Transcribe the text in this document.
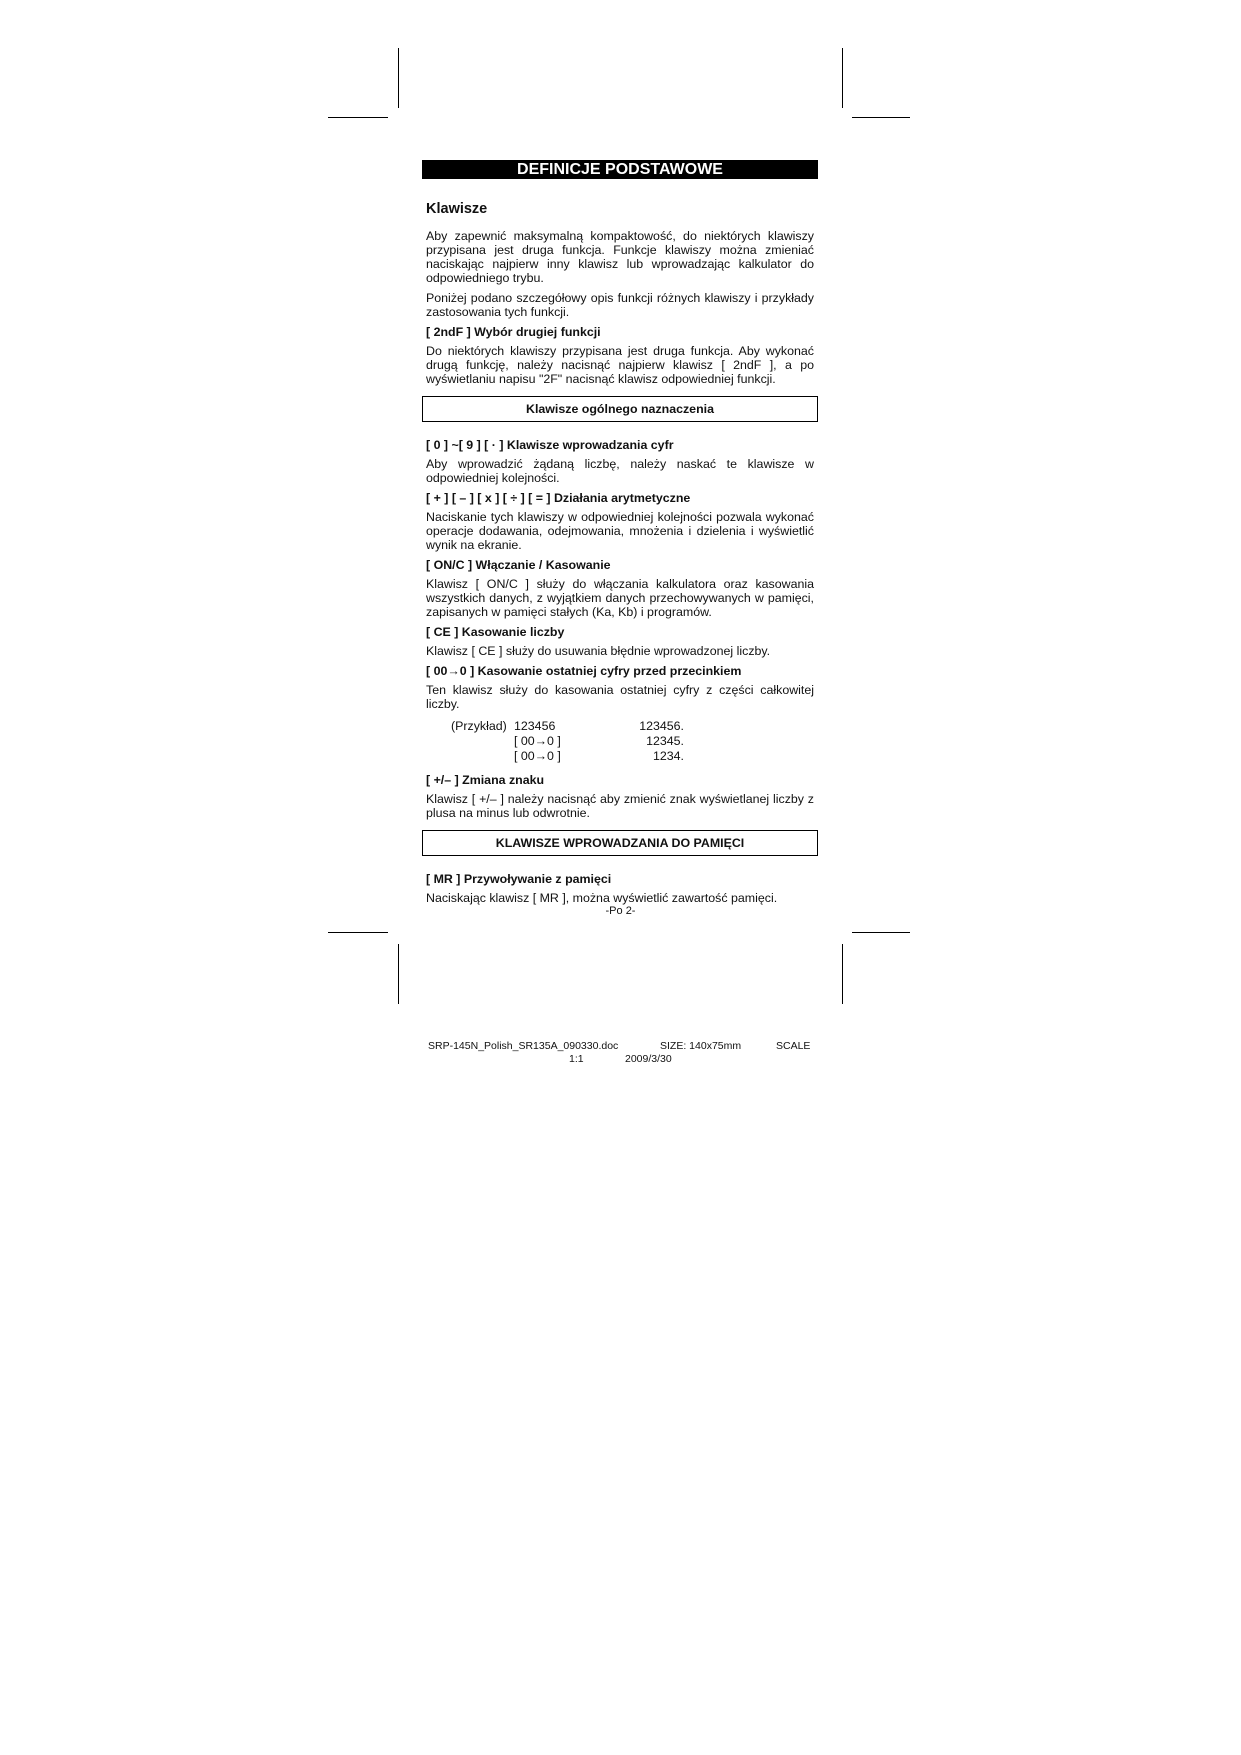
DEFINICJE PODSTAWOWE
Klawisze

Aby zapewnić maksymalną kompaktowość, do niektórych klawiszy przypisana jest druga funkcja. Funkcje klawiszy można zmieniać naciskając najpierw inny klawisz lub wprowadzając kalkulator do odpowiedniego trybu.

Poniżej podano szczegółowy opis funkcji różnych klawiszy i przykłady zastosowania tych funkcji.

[ 2ndF ] Wybór drugiej funkcji

Do niektórych klawiszy przypisana jest druga funkcja. Aby wykonać drugą funkcję, należy nacisnąć najpierw klawisz [ 2ndF ], a po wyświetlaniu napisu "2F" nacisnąć klawisz odpowiedniej funkcji.

Klawisze ogólnego naznaczenia
[ 0 ] ~[ 9 ] [ · ] Klawisze wprowadzania cyfr

Aby wprowadzić żądaną liczbę, należy naskać te klawisze w odpowiedniej kolejności.

[ + ] [ – ] [ x ] [ ÷ ] [ = ] Działania arytmetyczne

Naciskanie tych klawiszy w odpowiedniej kolejności pozwala wykonać operacje dodawania, odejmowania, mnożenia i dzielenia i wyświetlić wynik na ekranie.

[ ON/C ] Włączanie / Kasowanie

Klawisz [ ON/C ] służy do włączania kalkulatora oraz kasowania wszystkich danych, z wyjątkiem danych przechowywanych w pamięci, zapisanych w pamięci stałych (Ka, Kb) i programów.

[ CE ] Kasowanie liczby

Klawisz [ CE ] służy do usuwania błędnie wprowadzonej liczby.

[ 00→0 ] Kasowanie ostatniej cyfry przed przecinkiem

Ten klawisz służy do kasowania ostatniej cyfry z części całkowitej liczby.

(Przykład) 123456	123456.
[ 00→0 ]	12345.
[ 00→0 ]	1234.
[ +/– ] Zmiana znaku

Klawisz [ +/– ] należy nacisnąć aby zmienić znak wyświetlanej liczby z plusa na minus lub odwrotnie.

KLAWISZE WPROWADZANIA DO PAMIĘCI
[ MR ] Przywoływanie z pamięci

Naciskając klawisz [ MR ], można wyświetlić zawartość pamięci.

-Po 2-
SRP-145N_Polish_SR135A_090330.doc	SIZE: 140x75mm	SCALE
1:1	2009/3/30
